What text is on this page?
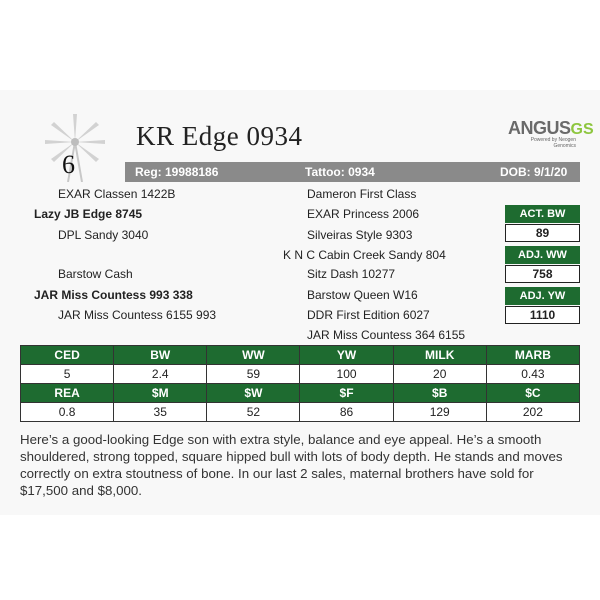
6
KR Edge 0934	ANGUSGS
Powered by Neogen Genomics
Reg: 19988186	Tattoo: 0934	DOB: 9/1/20
EXAR Classen 1422B
Lazy JB Edge 8745
DPL Sandy 3040
Barstow Cash
JAR Miss Countess 993 338
JAR Miss Countess 6155 993
Dameron First Class
EXAR Princess 2006
Silveiras Style 9303
K N C Cabin Creek Sandy 804
Sitz Dash 10277
Barstow Queen W16
DDR First Edition 6027
JAR Miss Countess 364 6155
ACT. BW
89
ADJ. WW
758
ADJ. YW
1110
CED	BW	WW	YW	MILK	MARB
5	2.4	59	100	20	0.43
REA	$M	$W	$F	$B	$C
0.8	35	52	86	129	202
Here’s a good-looking Edge son with extra style, balance and eye appeal. He’s a smooth shouldered, strong topped, square hipped bull with lots of body depth. He stands and moves correctly on extra stoutness of bone. In our last 2 sales, maternal brothers have sold for $17,500 and $8,000.
